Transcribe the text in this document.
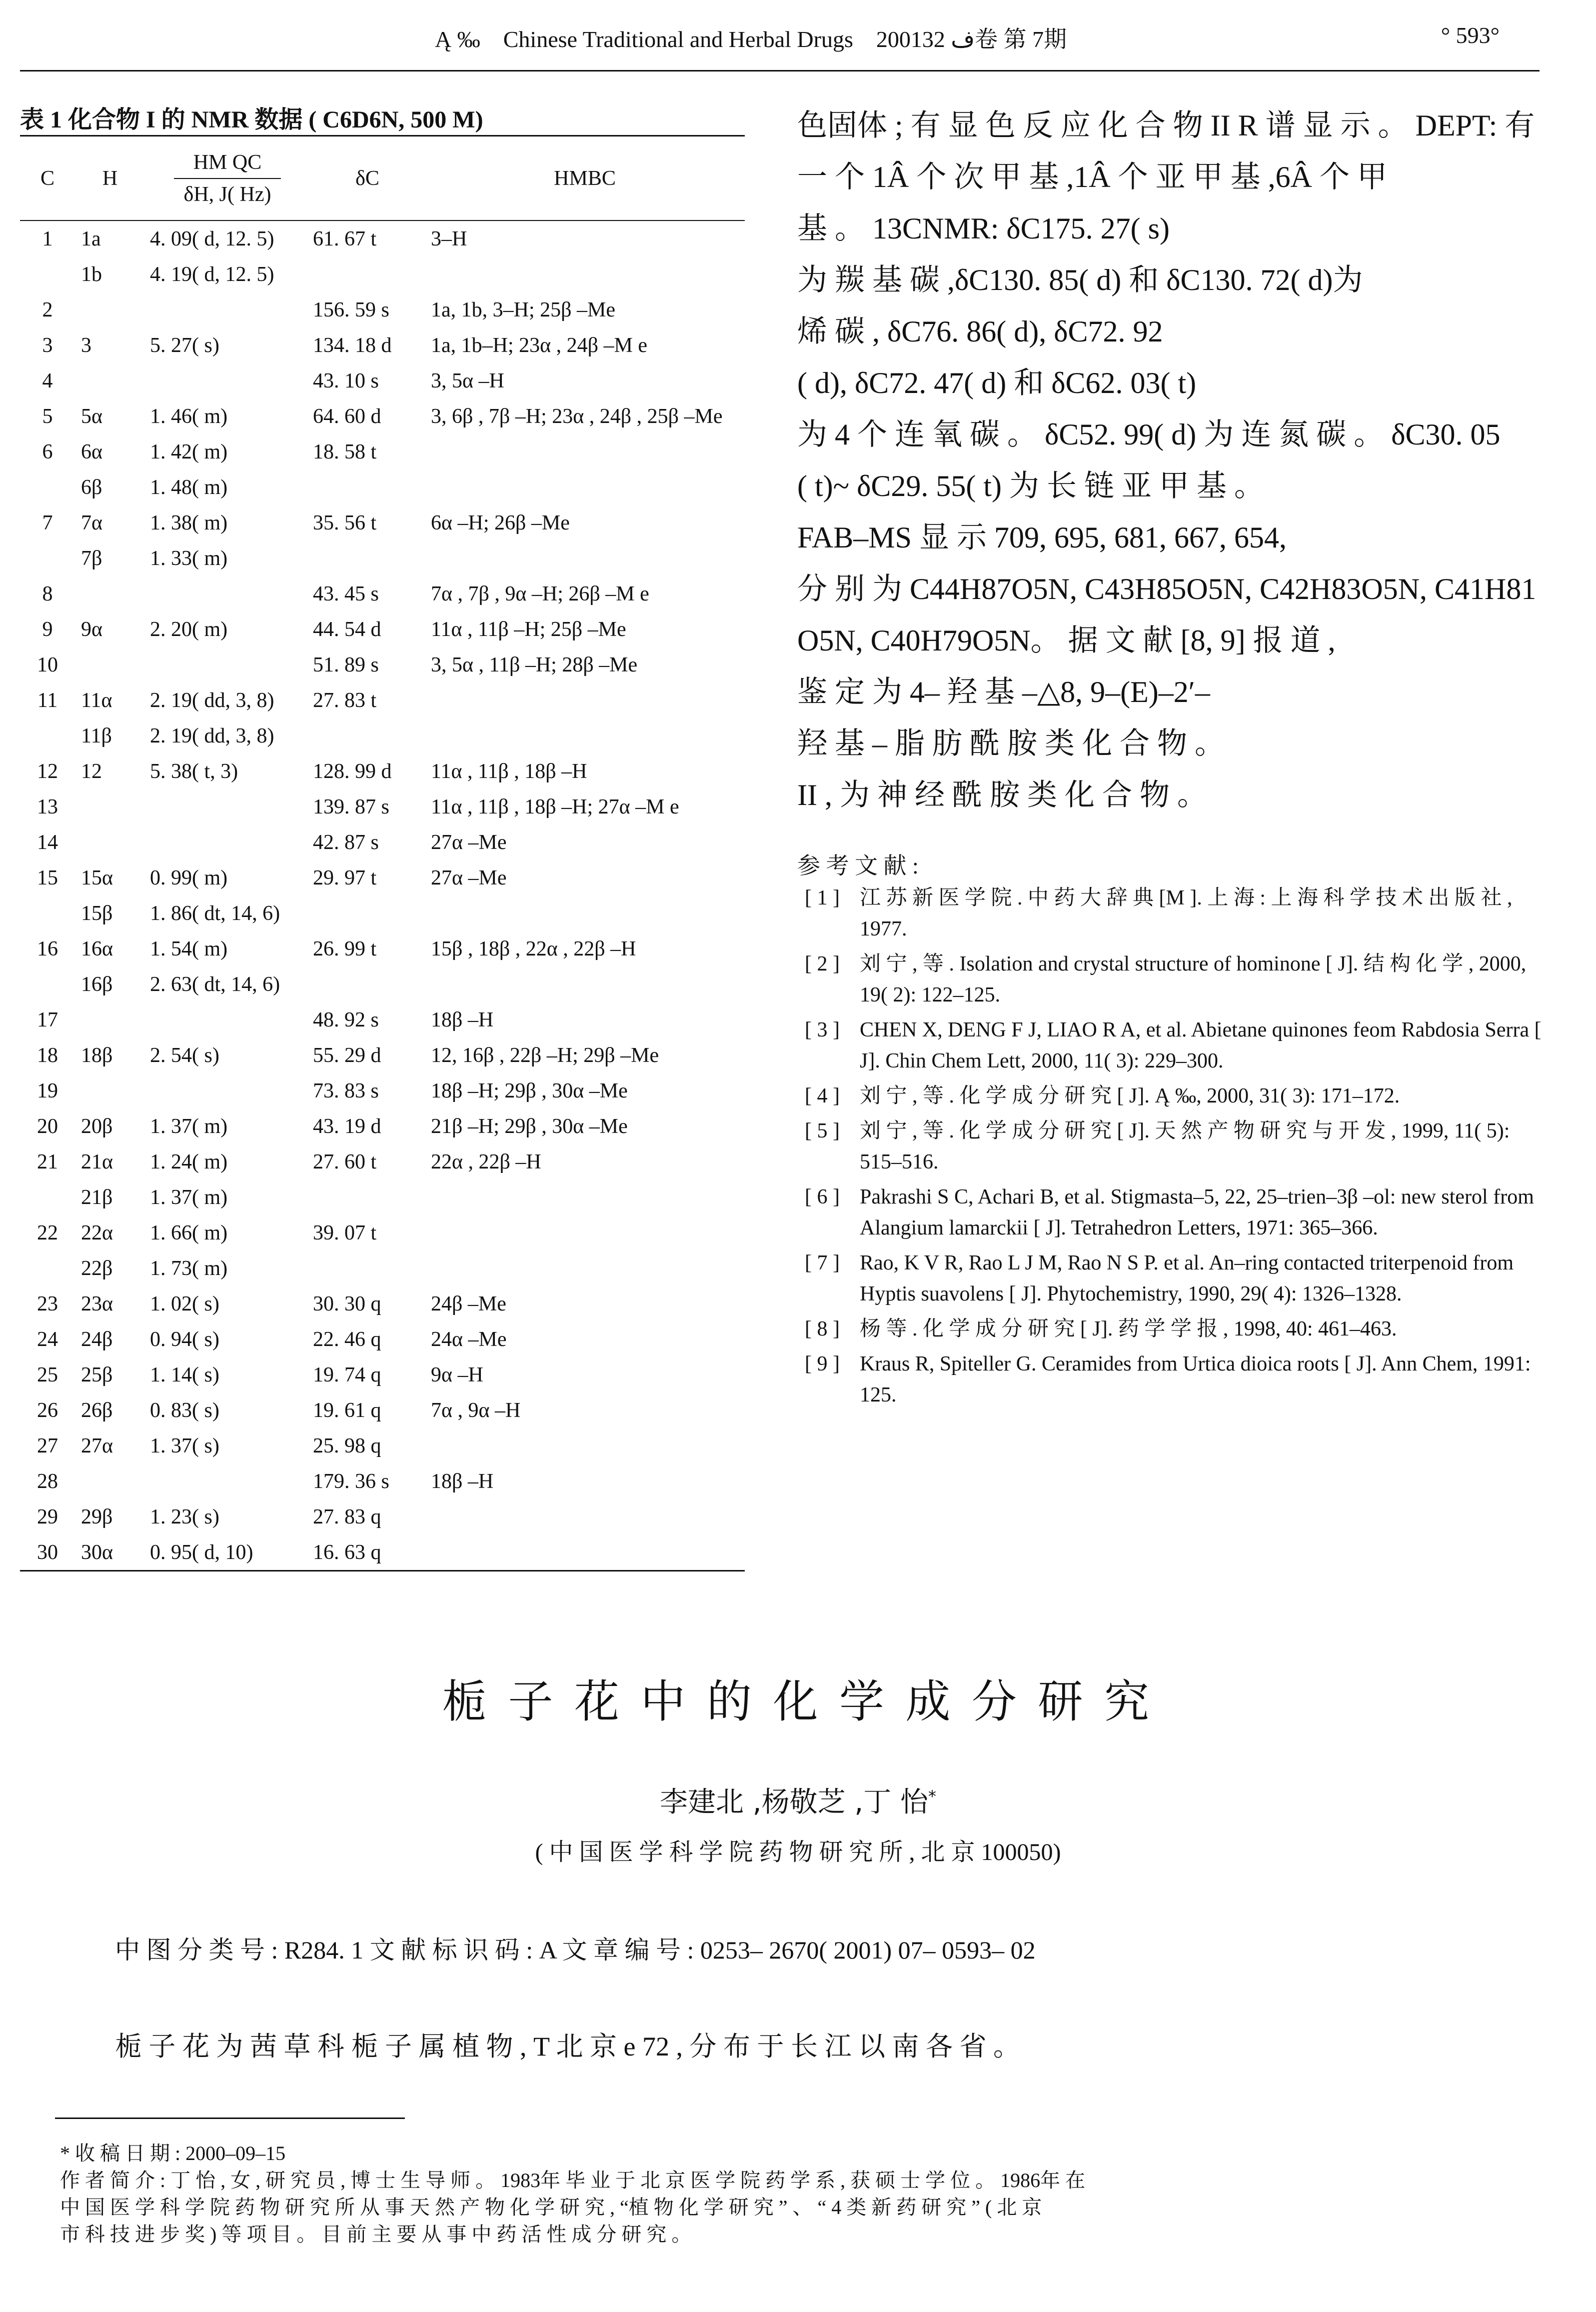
Ą ‰ Chinese Traditional and Herbal Drugs 2001ف 32卷 第 7期	° 593°
表 1 化合物 I 的 NMR 数据 ( C6D6N, 500 M)
C	H	$\frac{\text{HM QC}}{\delta H, J( Hz)}$	δC	HMBC
1	1a	4. 09( d, 12. 5)	61. 67 t	3–H
	1b	4. 19( d, 12. 5)		
2			156. 59 s	1a, 1b, 3–H; 25β –Me
3	3	5. 27( s)	134. 18 d	1a, 1b–H; 23α , 24β –M e
4			43. 10 s	3, 5α –H
5	5α	1. 46( m)	64. 60 d	3, 6β , 7β –H; 23α , 24β , 25β –Me
6	6α	1. 42( m)	18. 58 t	
	6β	1. 48( m)		
7	7α	1. 38( m)	35. 56 t	6α –H; 26β –Me
	7β	1. 33( m)		
8			43. 45 s	7α , 7β , 9α –H; 26β –M e
9	9α	2. 20( m)	44. 54 d	11α , 11β –H; 25β –Me
10			51. 89 s	3, 5α , 11β –H; 28β –Me
11	11α	2. 19( dd, 3, 8)	27. 83 t	
	11β	2. 19( dd, 3, 8)		
12	12	5. 38( t, 3)	128. 99 d	11α , 11β , 18β –H
13			139. 87 s	11α , 11β , 18β –H; 27α –M e
14			42. 87 s	27α –Me
15	15α	0. 99( m)	29. 97 t	27α –Me
	15β	1. 86( dt, 14, 6)		
16	16α	1. 54( m)	26. 99 t	15β , 18β , 22α , 22β –H
	16β	2. 63( dt, 14, 6)		
17			48. 92 s	18β –H
18	18β	2. 54( s)	55. 29 d	12, 16β , 22β –H; 29β –Me
19			73. 83 s	18β –H; 29β , 30α –Me
20	20β	1. 37( m)	43. 19 d	21β –H; 29β , 30α –Me
21	21α	1. 24( m)	27. 60 t	22α , 22β –H
	21β	1. 37( m)		
22	22α	1. 66( m)	39. 07 t	
	22β	1. 73( m)		
23	23α	1. 02( s)	30. 30 q	24β –Me
24	24β	0. 94( s)	22. 46 q	24α –Me
25	25β	1. 14( s)	19. 74 q	9α –H
26	26β	0. 83( s)	19. 61 q	7α , 9α –H
27	27α	1. 37( s)	25. 98 q	
28			179. 36 s	18β –H
29	29β	1. 23( s)	27. 83 q	
30	30α	0. 95( d, 10)	16. 63 q	

色固体 ; 有 显 色 反 应 化 合 物 II R 谱 显 示 。 DEPT: 有

一 个 1Â 个 次 甲 基 ,1Â 个 亚 甲 基 ,6Â 个 甲

基 。 13CNMR: δC175. 27( s)

为 羰 基 碳 ,δC130. 85( d) 和 δC130. 72( d)为

烯 碳 , δC76. 86( d), δC72. 92

( d), δC72. 47( d) 和 δC62. 03( t)

为 4 个 连 氧 碳 。 δC52. 99( d) 为 连 氮 碳 。 δC30. 05

( t)~ δC29. 55( t) 为 长 链 亚 甲 基 。

FAB–MS 显 示 709, 695, 681, 667, 654,

分 别 为 C44H87O5N, C43H85O5N, C42H83O5N, C41H81

O5N, C40H79O5N。 据 文 献 [8, 9] 报 道 ,

鉴 定 为 4– 羟 基 –△8, 9–(E)–2′–

羟 基 – 脂 肪 酰 胺 类 化 合 物 。

II , 为 神 经 酰 胺 类 化 合 物 。

参 考 文 献 :
[ 1 ] 江 苏 新 医 学 院 . 中 药 大 辞 典 [M ]. 上 海 : 上 海 科 学 技 术 出 版 社 , 1977.
[ 2 ] 刘 宁 , 等 . Isolation and crystal structure of hominone [ J]. 结 构 化 学 , 2000, 19( 2): 122–125.
[ 3 ] CHEN X, DENG F J, LIAO R A, et al. Abietane quinones feom Rabdosia Serra [ J]. Chin Chem Lett, 2000, 11( 3): 229–300.
[ 4 ] 刘 宁 , 等 . 化 学 成 分 研 究 [ J]. Ą ‰, 2000, 31( 3): 171–172.
[ 5 ] 刘 宁 , 等 . 化 学 成 分 研 究 [ J]. 天 然 产 物 研 究 与 开 发 , 1999, 11( 5): 515–516.
[ 6 ] Pakrashi S C, Achari B, et al. Stigmasta–5, 22, 25–trien–3β –ol: new sterol from Alangium lamarckii [ J]. Tetrahedron Letters, 1971: 365–366.
[ 7 ] Rao, K V R, Rao L J M, Rao N S P. et al. An–ring contacted triterpenoid from Hyptis suavolens [ J]. Phytochemistry, 1990, 29( 4): 1326–1328.
[ 8 ] 杨 等 . 化 学 成 分 研 究 [ J]. 药 学 学 报 , 1998, 40: 461–463.
[ 9 ] Kraus R, Spiteller G. Ceramides from Urtica dioica roots [ J]. Ann Chem, 1991: 125.
栀 子 花 中 的 化 学 成 分 研 究
李建北 ,杨敬芝 ,丁 怡*
( 中 国 医 学 科 学 院 药 物 研 究 所 , 北 京 100050)
中 图 分 类 号 : R284. 1 文 献 标 识 码 : A 文 章 编 号 : 0253– 2670( 2001) 07– 0593– 02
栀 子 花 为 茜 草 科 栀 子 属 植 物 , T 北 京 e 72 , 分 布 于 长 江 以 南 各 省 。

* 收 稿 日 期 : 2000–09–15

作 者 简 介 : 丁 怡 , 女 , 研 究 员 , 博 士 生 导 师 。 1983年 毕 业 于 北 京 医 学 院 药 学 系 , 获 硕 士 学 位 。 1986年 在

中 国 医 学 科 学 院 药 物 研 究 所 从 事 天 然 产 物 化 学 研 究 , “植 物 化 学 研 究 ” 、 “ 4 类 新 药 研 究 ” ( 北 京

市 科 技 进 步 奖 ) 等 项 目 。 目 前 主 要 从 事 中 药 活 性 成 分 研 究 。
